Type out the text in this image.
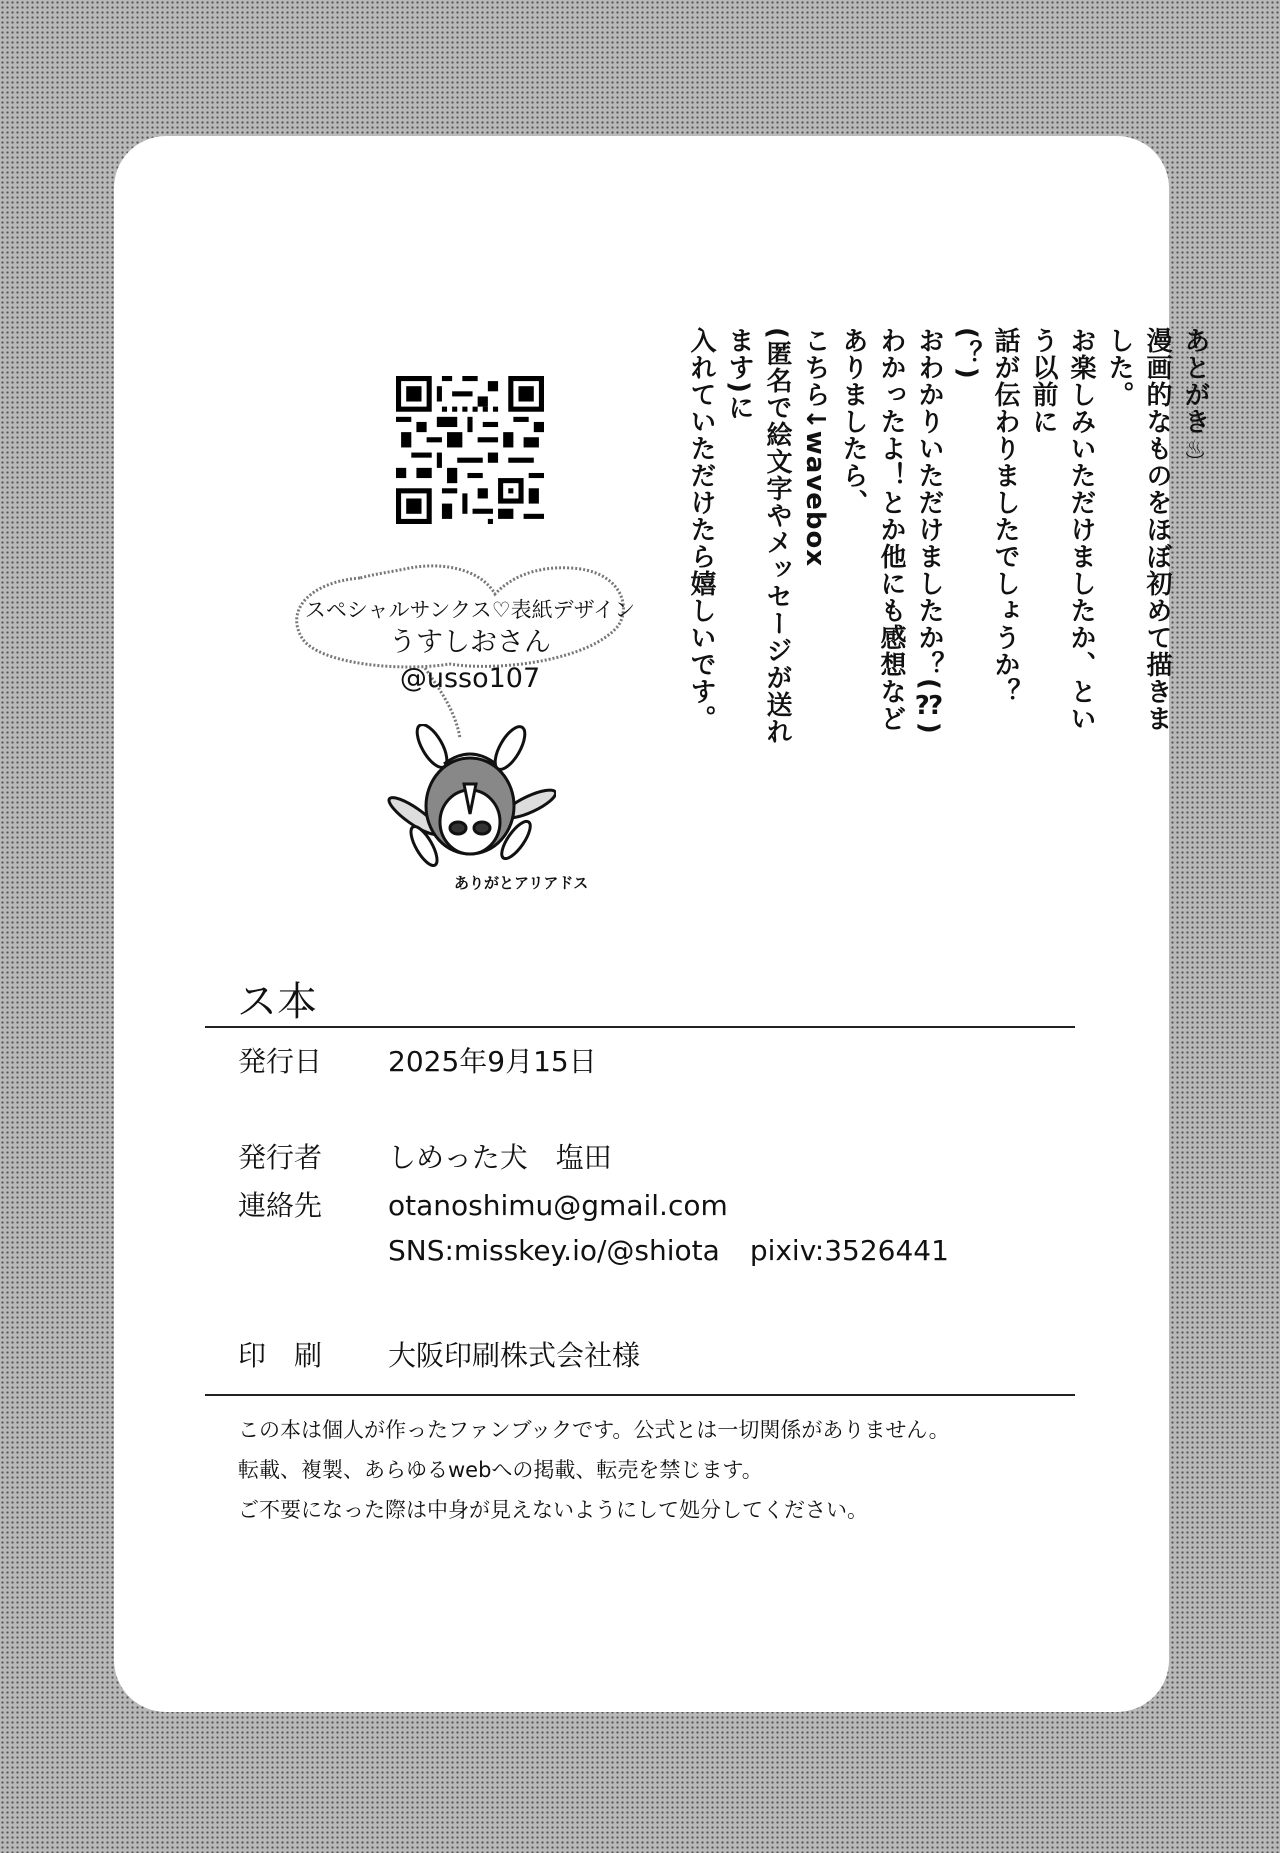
あとがき♨
漫画的なものをほぼ初めて描きました。
お楽しみいただけましたか、という以前に
話が伝わりましたでしょうか？(？)
おわかりいただけましたか？(⁇)
わかったよ！とか他にも感想などありましたら、
こちら↓wavebox
(匿名で絵文字やメッセージが送れます)に
入れていただけたら嬉しいです。
スペシャルサンクス♡表紙デザイン
うすしおさん
@usso107
ありがとアリアドス
ス本
発行日 2025年9月15日
発行者 しめった犬　塩田
連絡先 otanoshimu@gmail.com
SNS:misskey.io/@shiota pixiv:3526441
印　刷 大阪印刷株式会社様
この本は個人が作ったファンブックです。公式とは一切関係がありません。
転載、複製、あらゆるwebへの掲載、転売を禁じます。
ご不要になった際は中身が見えないようにして処分してください。
